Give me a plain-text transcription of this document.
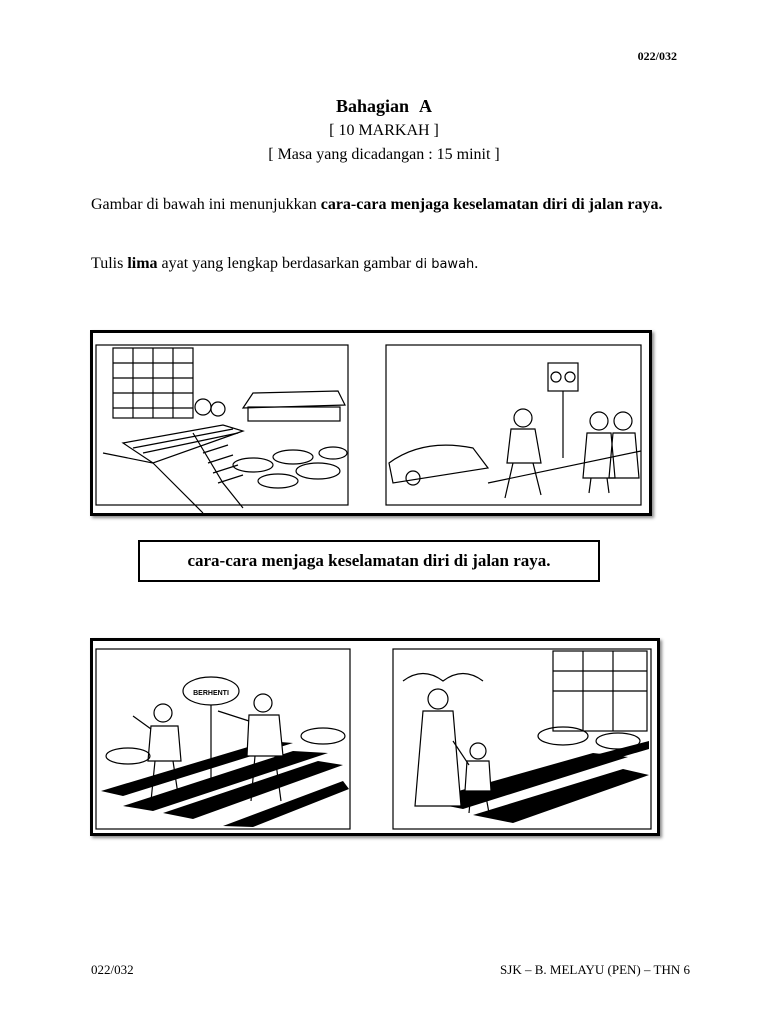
022/032
Bahagian A
[ 10 MARKAH ]
[ Masa yang dicadangan : 15 minit ]
Gambar di bawah ini menunjukkan cara-cara menjaga keselamatan diri di jalan raya.
Tulis lima ayat yang lengkap berdasarkan gambar di bawah.
cara-cara menjaga keselamatan diri di jalan raya.
BERHENTI
022/032	SJK – B. MELAYU (PEN) – THN 6
